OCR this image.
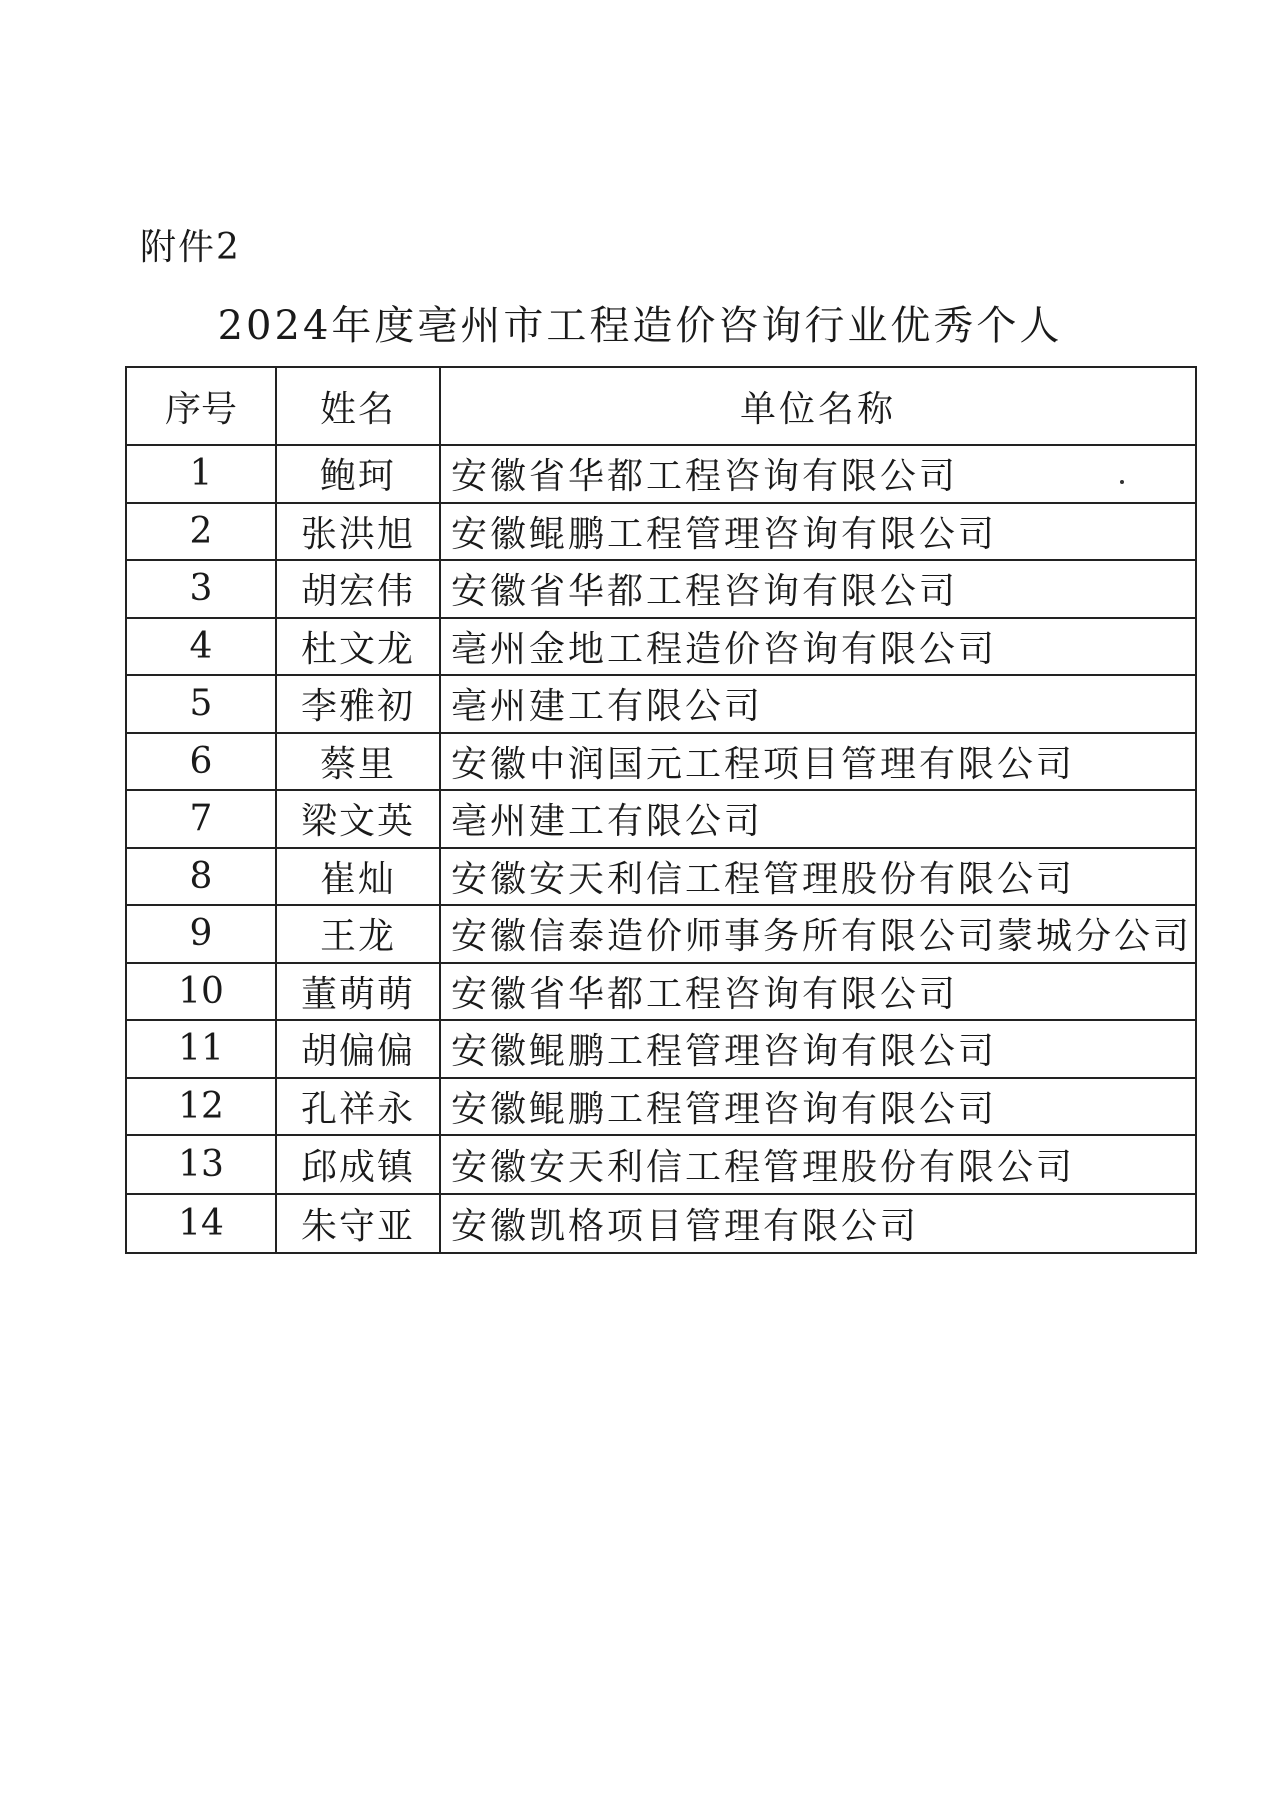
附件2
2024年度亳州市工程造价咨询行业优秀个人
序号	姓名	单位名称
1	鲍珂	安徽省华都工程咨询有限公司
2	张洪旭	安徽鲲鹏工程管理咨询有限公司
3	胡宏伟	安徽省华都工程咨询有限公司
4	杜文龙	亳州金地工程造价咨询有限公司
5	李雅初	亳州建工有限公司
6	蔡里	安徽中润国元工程项目管理有限公司
7	梁文英	亳州建工有限公司
8	崔灿	安徽安天利信工程管理股份有限公司
9	王龙	安徽信泰造价师事务所有限公司蒙城分公司
10	董萌萌	安徽省华都工程咨询有限公司
11	胡偏偏	安徽鲲鹏工程管理咨询有限公司
12	孔祥永	安徽鲲鹏工程管理咨询有限公司
13	邱成镇	安徽安天利信工程管理股份有限公司
14	朱守亚	安徽凯格项目管理有限公司
